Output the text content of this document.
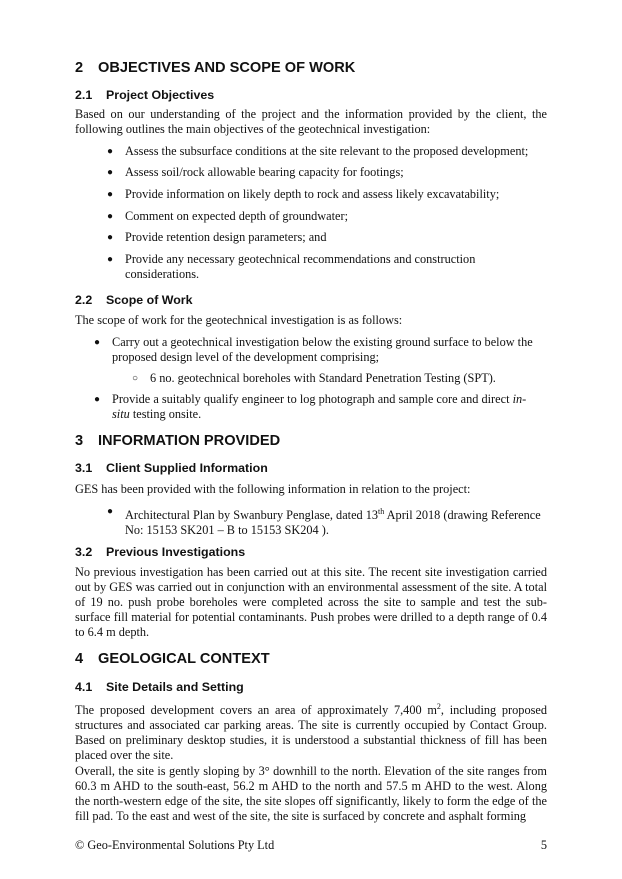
2 OBJECTIVES AND SCOPE OF WORK
2.1 Project Objectives
Based on our understanding of the project and the information provided by the client, the following outlines the main objectives of the geotechnical investigation:
● Assess the subsurface conditions at the site relevant to the proposed development;
● Assess soil/rock allowable bearing capacity for footings;
● Provide information on likely depth to rock and assess likely excavatability;
● Comment on expected depth of groundwater;
● Provide retention design parameters; and
● Provide any necessary geotechnical recommendations and construction considerations.
2.2 Scope of Work
The scope of work for the geotechnical investigation is as follows:
● Carry out a geotechnical investigation below the existing ground surface to below the proposed design level of the development comprising;
○ 6 no. geotechnical boreholes with Standard Penetration Testing (SPT).
● Provide a suitably qualify engineer to log photograph and sample core and direct in-situ testing onsite.
3 INFORMATION PROVIDED
3.1 Client Supplied Information
GES has been provided with the following information in relation to the project:
● Architectural Plan by Swanbury Penglase, dated 13th April 2018 (drawing Reference No: 15153 SK201 – B to 15153 SK204 ).
3.2 Previous Investigations
No previous investigation has been carried out at this site. The recent site investigation carried out by GES was carried out in conjunction with an environmental assessment of the site. A total of 19 no. push probe boreholes were completed across the site to sample and test the sub-surface fill material for potential contaminants. Push probes were drilled to a depth range of 0.4 to 6.4 m depth.
4 GEOLOGICAL CONTEXT
4.1 Site Details and Setting
The proposed development covers an area of approximately 7,400 $m^2$, including proposed structures and associated car parking areas. The site is currently occupied by Contact Group. Based on preliminary desktop studies, it is understood a substantial thickness of fill has been placed over the site.
Overall, the site is gently sloping by 3° downhill to the north. Elevation of the site ranges from 60.3 m AHD to the south-east, 56.2 m AHD to the north and 57.5 m AHD to the west. Along the north-western edge of the site, the site slopes off significantly, likely to form the edge of the fill pad. To the east and west of the site, the site is surfaced by concrete and asphalt forming
© Geo-Environmental Solutions Pty Ltd	5
